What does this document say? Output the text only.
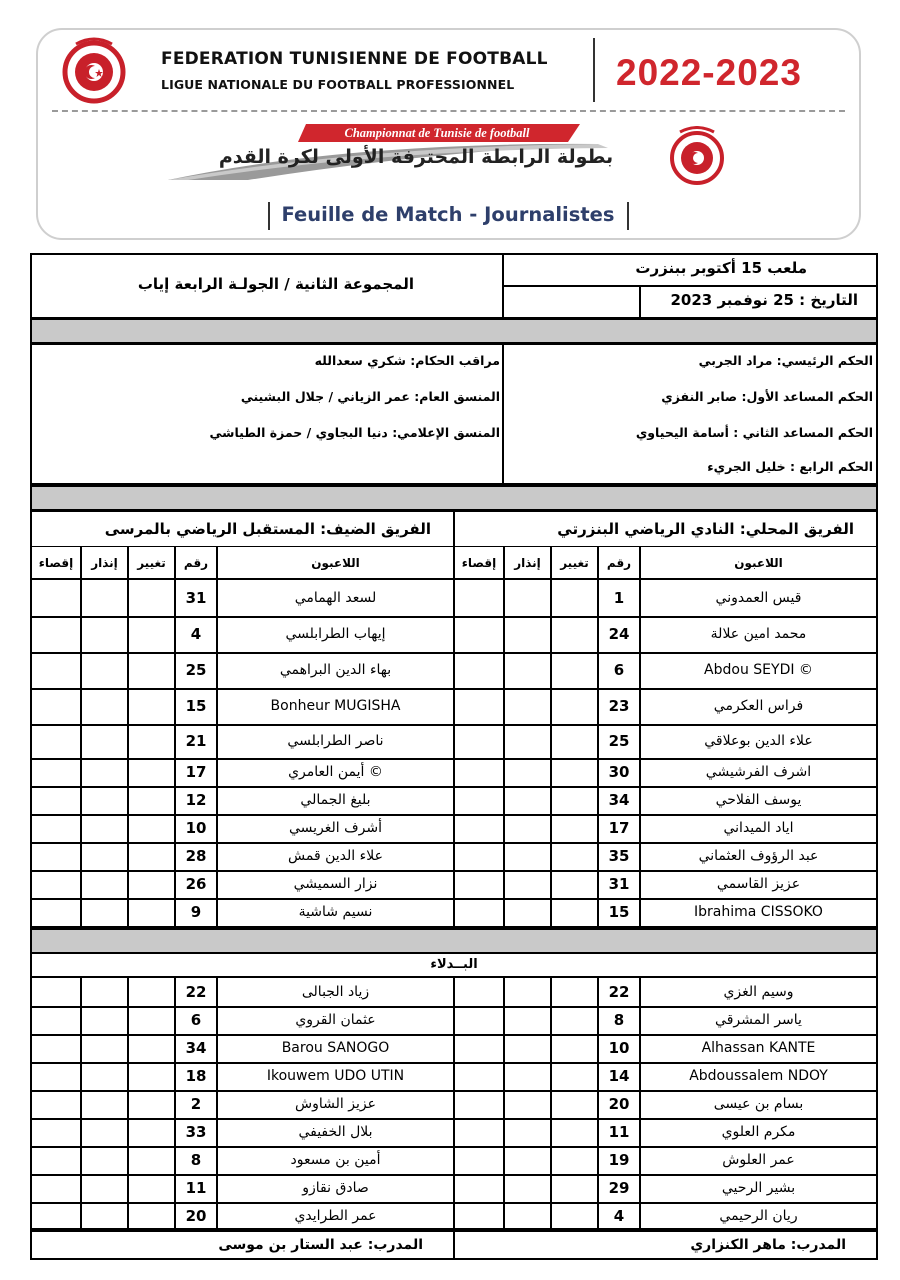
FEDERATION TUNISIENNE DE FOOTBALL
LIGUE NATIONALE DU FOOTBALL PROFESSIONNEL	2022-2023
Championnat de Tunisie de football
بطولة الرابطة المحترفة الأولى لكرة القدم
Feuille de Match - Journalistes
ملعب 15 أكتوبر ببنزرت
التاريخ : 25 نوفمبر 2023
المجموعة الثانية / الجولـة الرابعة إياب
الحكم الرئيسي: مراد الجربي
الحكم المساعد الأول: صابر النفزي
الحكم المساعد الثاني : أسامة اليحياوي
الحكم الرابع : خليل الجريء
مراقب الحكام: شكري سعدالله
المنسق العام: عمر الزياني / جلال البشيني
المنسق الإعلامي: دنيا البجاوي / حمزة الطياشي
الفريق المحلي: النادي الرياضي البنزرتي
اللاعبون
رقم
تغيير
إنذار
إقصاء
قيس العمدوني
1
محمد امين علالة
24
Abdou SEYDI ©
6
فراس العكرمي
23
علاء الدين بوعلاقي
25
اشرف الفرشيشي
30
يوسف الفلاحي
34
اياد الميداني
17
عبد الرؤوف العثماني
35
عزيز القاسمي
31
Ibrahima CISSOKO
15
الفريق الضيف: المستقبل الرياضي بالمرسى
اللاعبون
رقم
تغيير
إنذار
إقصاء
لسعد الهمامي
31
إيهاب الطرابلسي
4
بهاء الدين البراهمي
25
Bonheur MUGISHA
15
ناصر الطرابلسي
21
أيمن العامري ©
17
بليغ الجمالي
12
أشرف الغريسي
10
علاء الدين قمش
28
نزار السميشي
26
نسيم شاشية
9
البــدلاء
وسيم الغزي
22
ياسر المشرقي
8
Alhassan KANTE
10
Abdoussalem NDOY
14
بسام بن عيسى
20
مكرم العلوي
11
عمر العلوش
19
بشير الرحيي
29
ريان الرحيمي
4
زياد الجبالى
22
عثمان القروي
6
Barou SANOGO
34
Ikouwem UDO UTIN
18
عزيز الشاوش
2
بلال الخفيفي
33
أمين بن مسعود
8
صادق نقازو
11
عمر الطرايدي
20
المدرب: ماهر الكنزاري
المدرب: عبد الستار بن موسى
